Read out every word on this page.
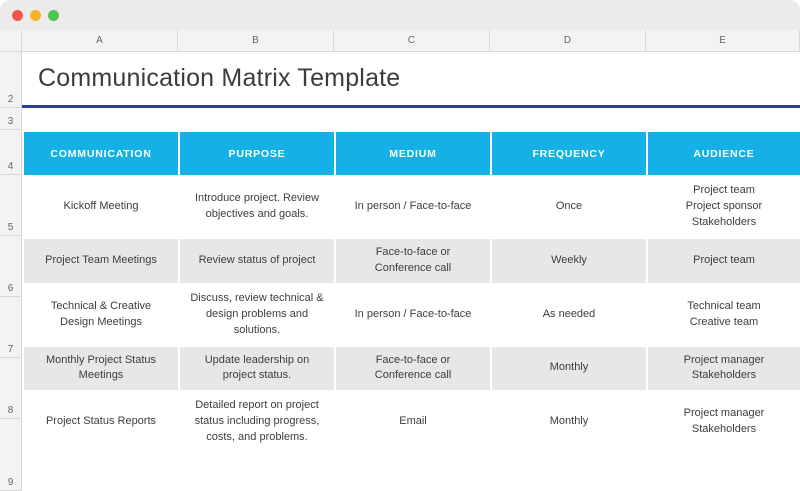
A	B	C	D	E
2
3
4
5
6
7
8
9
Communication Matrix Template
COMMUNICATION	PURPOSE	MEDIUM	FREQUENCY	AUDIENCE
Kickoff Meeting	Introduce project. Review objectives and goals.	In person / Face-to-face	Once	Project team
Project sponsor
Stakeholders

Project Team Meetings	Review status of project	Face-to-face or Conference call	Weekly	Project team

Technical & Creative Design Meetings	Discuss, review technical & design problems and solutions.	In person / Face-to-face	As needed	Technical team
Creative team

Monthly Project Status Meetings	Update leadership on project status.	Face-to-face or Conference call	Monthly	Project manager
Stakeholders

Project Status Reports	Detailed report on project status including progress, costs, and problems.	Email	Monthly	Project manager
Stakeholders
